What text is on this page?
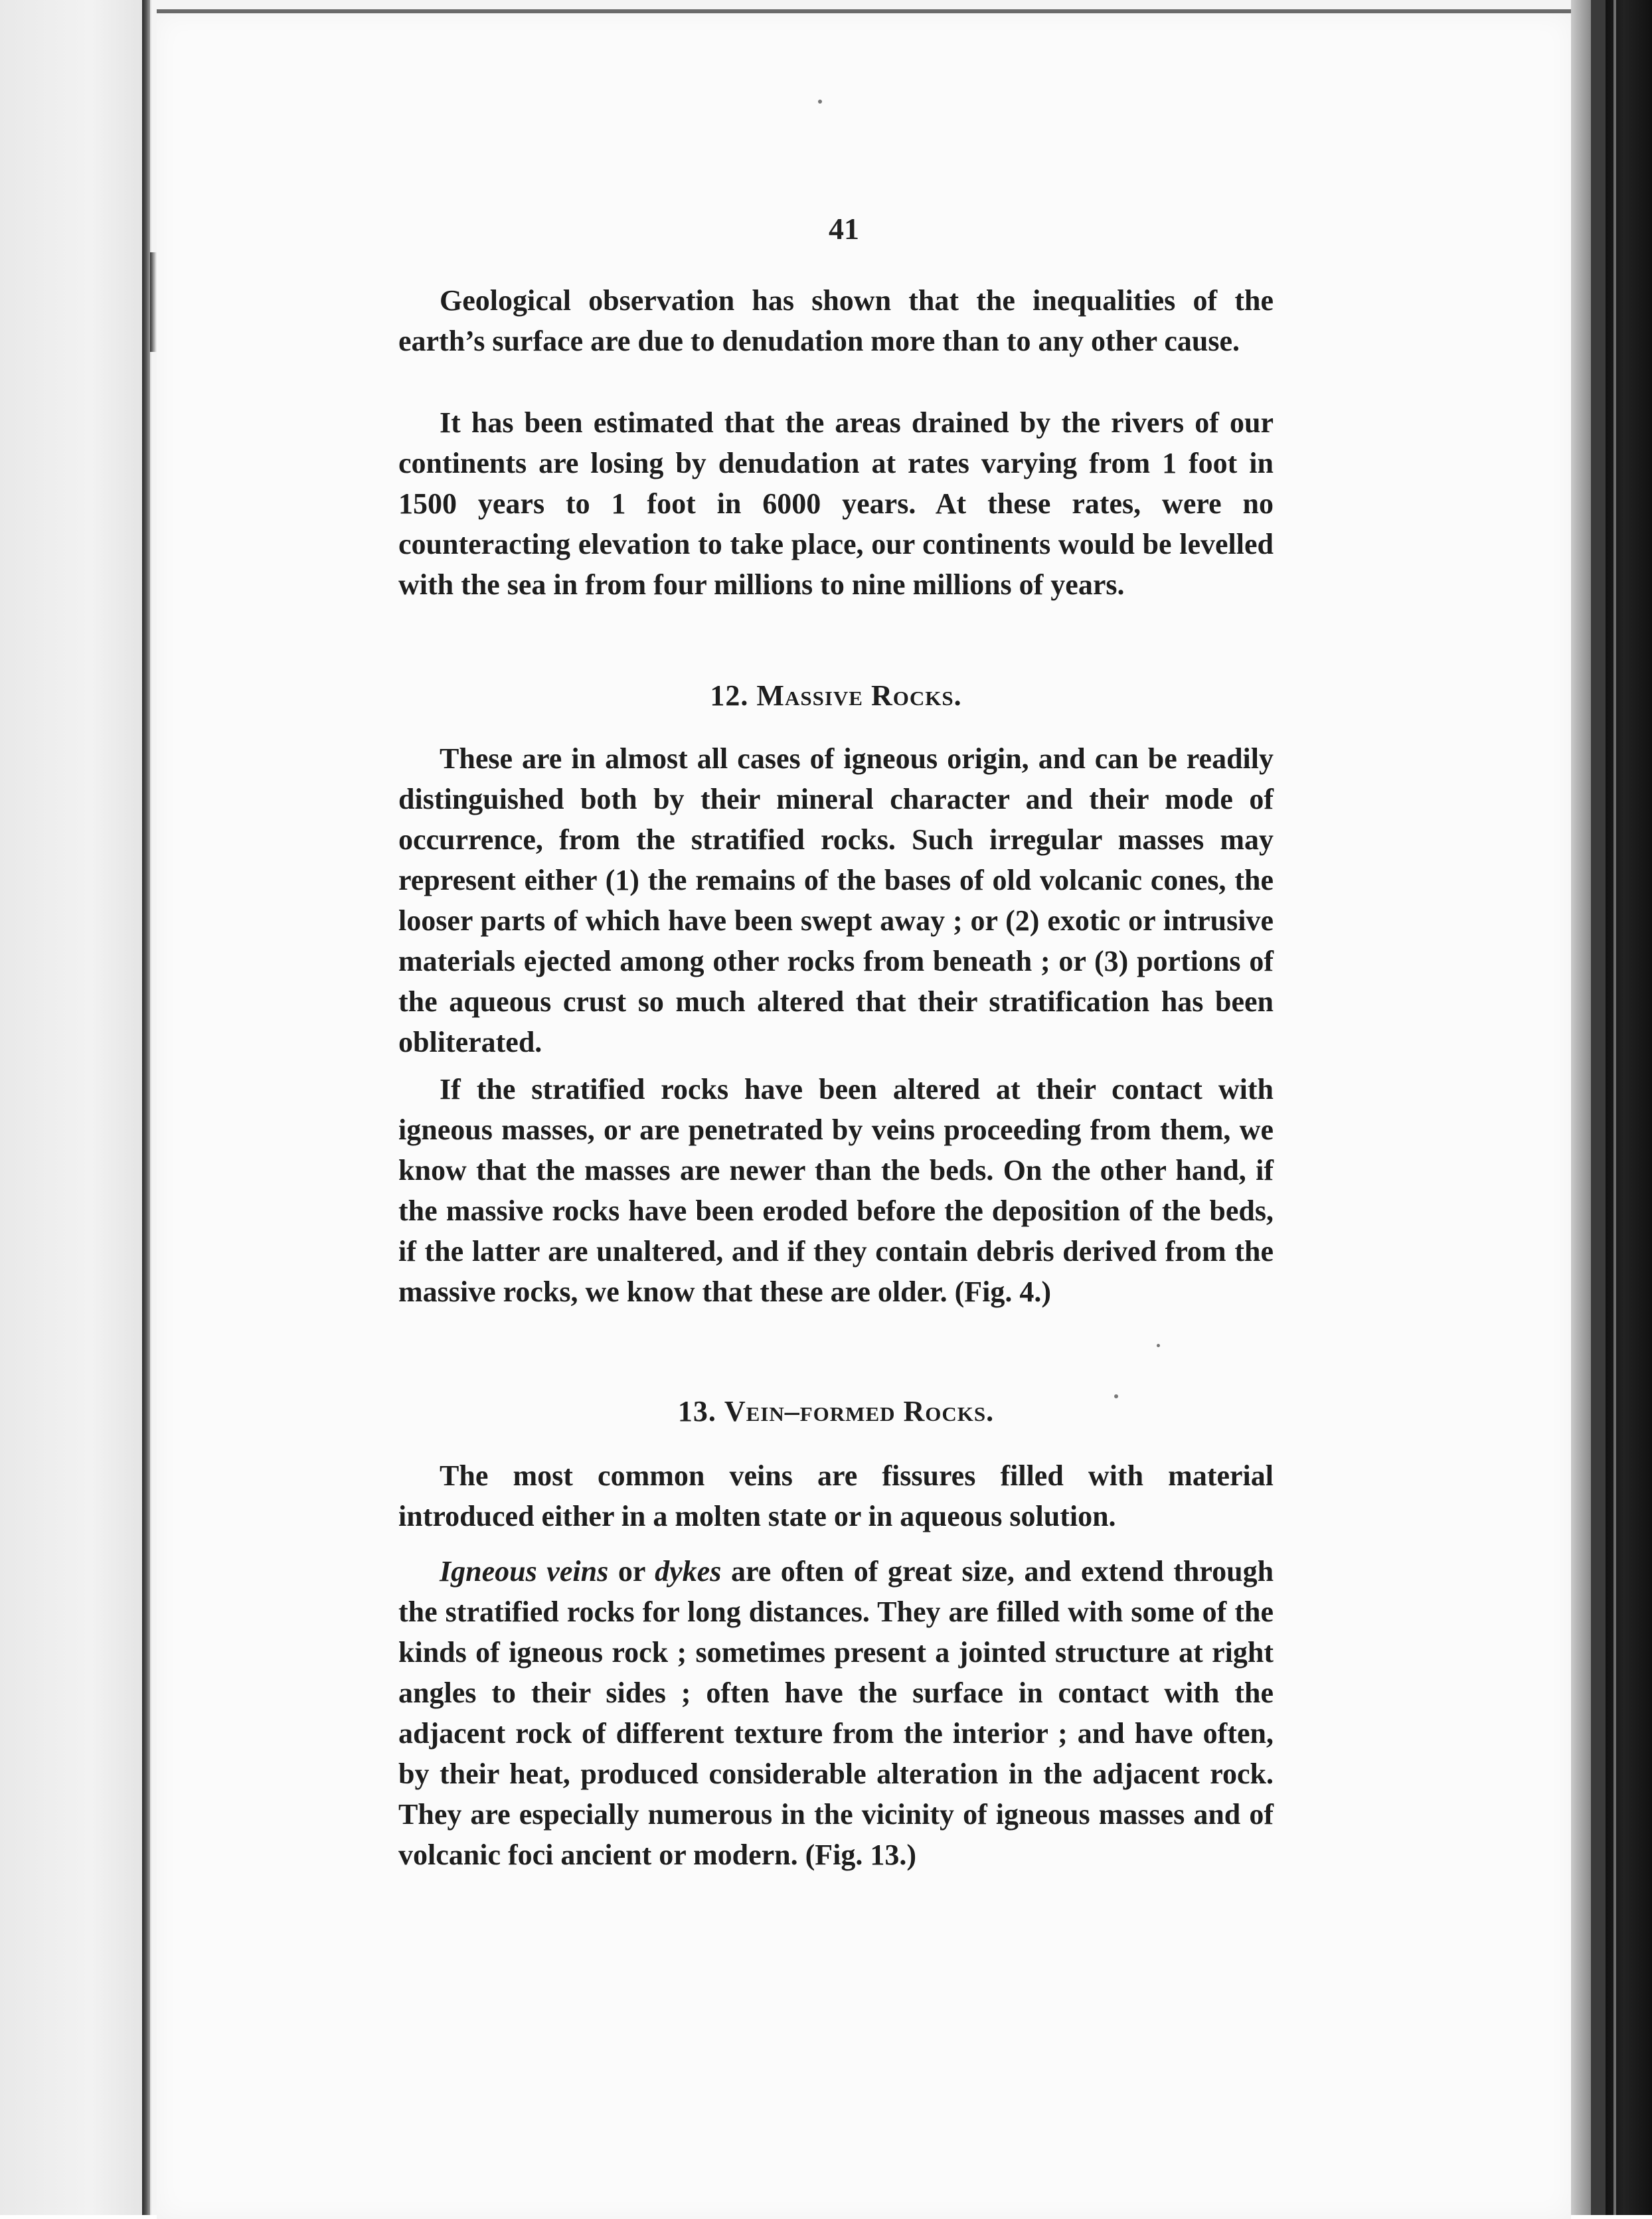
41

Geological observation has shown that the inequalities of the earth’s surface are due to denudation more than to any other cause.

It has been estimated that the areas drained by the rivers of our continents are losing by denudation at rates varying from 1 foot in 1500 years to 1 foot in 6000 years. At these rates, were no counteracting elevation to take place, our continents would be levelled with the sea in from four millions to nine millions of years.

12. Massive Rocks.

These are in almost all cases of igneous origin, and can be readily distinguished both by their mineral character and their mode of occurrence, from the stratified rocks. Such irregular masses may represent either (1) the remains of the bases of old volcanic cones, the looser parts of which have been swept away ; or (2) exotic or intrusive materials ejected among other rocks from beneath ; or (3) portions of the aqueous crust so much altered that their stratification has been obliterated.

If the stratified rocks have been altered at their contact with igneous masses, or are penetrated by veins proceeding from them, we know that the masses are newer than the beds. On the other hand, if the massive rocks have been eroded before the deposition of the beds, if the latter are unaltered, and if they contain debris derived from the massive rocks, we know that these are older. (Fig. 4.)

13. Vein–formed Rocks.

The most common veins are fissures filled with material introduced either in a molten state or in aqueous solution.

Igneous veins or dykes are often of great size, and extend through the stratified rocks for long distances. They are filled with some of the kinds of igneous rock ; sometimes present a jointed structure at right angles to their sides ; often have the surface in contact with the adjacent rock of different texture from the interior ; and have often, by their heat, produced considerable alteration in the adjacent rock. They are especially numerous in the vicinity of igneous masses and of volcanic foci ancient or modern. (Fig. 13.)
